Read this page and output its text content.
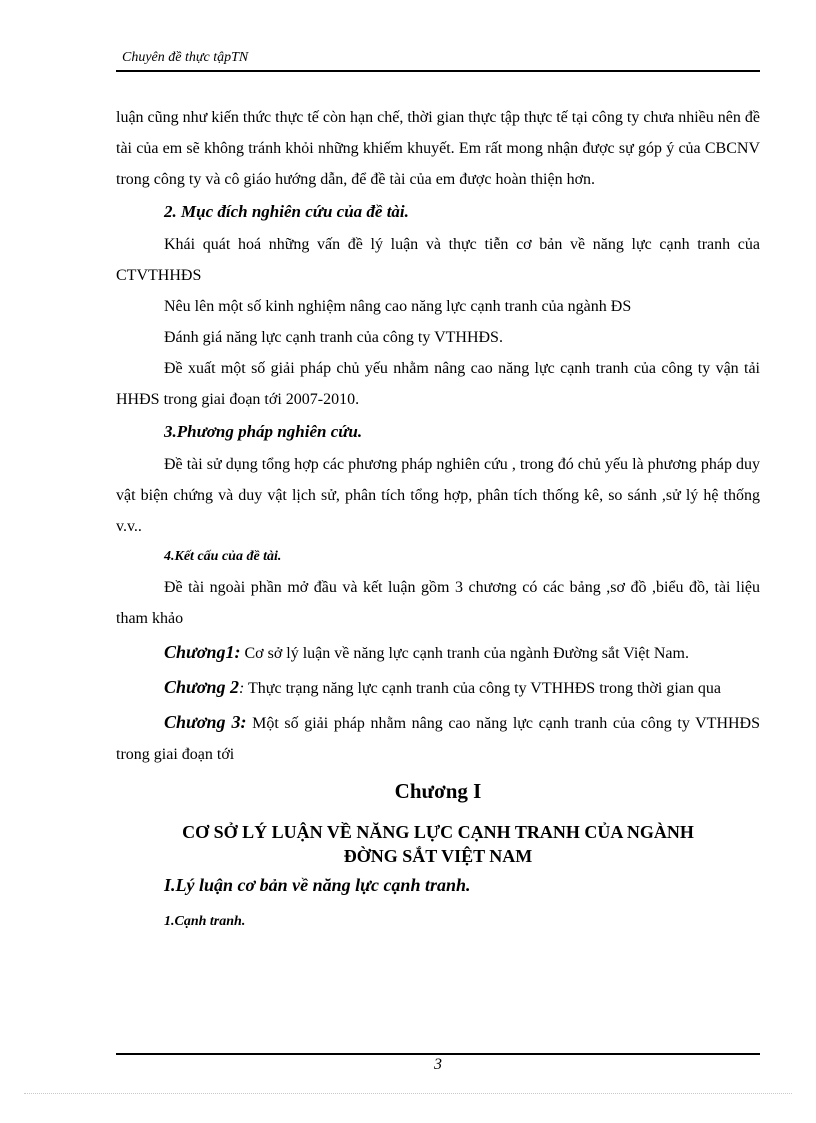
Chuyên đề thực tậpTN

luận cũng như kiến thức thực tế còn hạn chế, thời gian thực tập thực tế tại công ty chưa nhiều nên đề tài của em sẽ không tránh khỏi những khiếm khuyết. Em rất mong nhận được sự góp ý của CBCNV trong công ty và cô giáo hướng dẫn, để đề tài của em được hoàn thiện hơn.

2. Mục đích nghiên cứu của đề tài.

Khái quát hoá những vấn đề lý luận và thực tiễn cơ bản về năng lực cạnh tranh của CTVTHHĐS

Nêu lên một số kinh nghiệm nâng cao năng lực cạnh tranh của ngành ĐS

Đánh giá năng lực cạnh tranh của công ty VTHHĐS.

Đề xuất một số giải pháp chủ yếu nhằm nâng cao năng lực cạnh tranh của công ty vận tải HHĐS trong giai đoạn tới 2007-2010.

3.Phương pháp nghiên cứu.

Đề tài sử dụng tổng hợp các phương pháp nghiên cứu , trong đó chủ yếu là phương pháp duy vật biện chứng và duy vật lịch sử, phân tích tổng hợp, phân tích thống kê, so sánh ,sử lý hệ thống v.v..

4.Kết cấu của đề tài.

Đề tài ngoài phần mở đầu và kết luận gồm 3 chương có các bảng ,sơ đồ ,biểu đồ, tài liệu tham khảo

Chương1: Cơ sở lý luận về năng lực cạnh tranh của ngành Đường sắt Việt Nam.

Chương 2: Thực trạng năng lực cạnh tranh của công ty VTHHĐS trong thời gian qua

Chương 3: Một số giải pháp nhằm nâng cao năng lực cạnh tranh của công ty VTHHĐS trong giai đoạn tới

Chương I

CƠ SỞ LÝ LUẬN VỀ NĂNG LỰC CẠNH TRANH CỦA NGÀNH

ĐỜNG SẮT VIỆT NAM

I.Lý luận cơ bản về năng lực cạnh tranh.

1.Cạnh tranh.

3
